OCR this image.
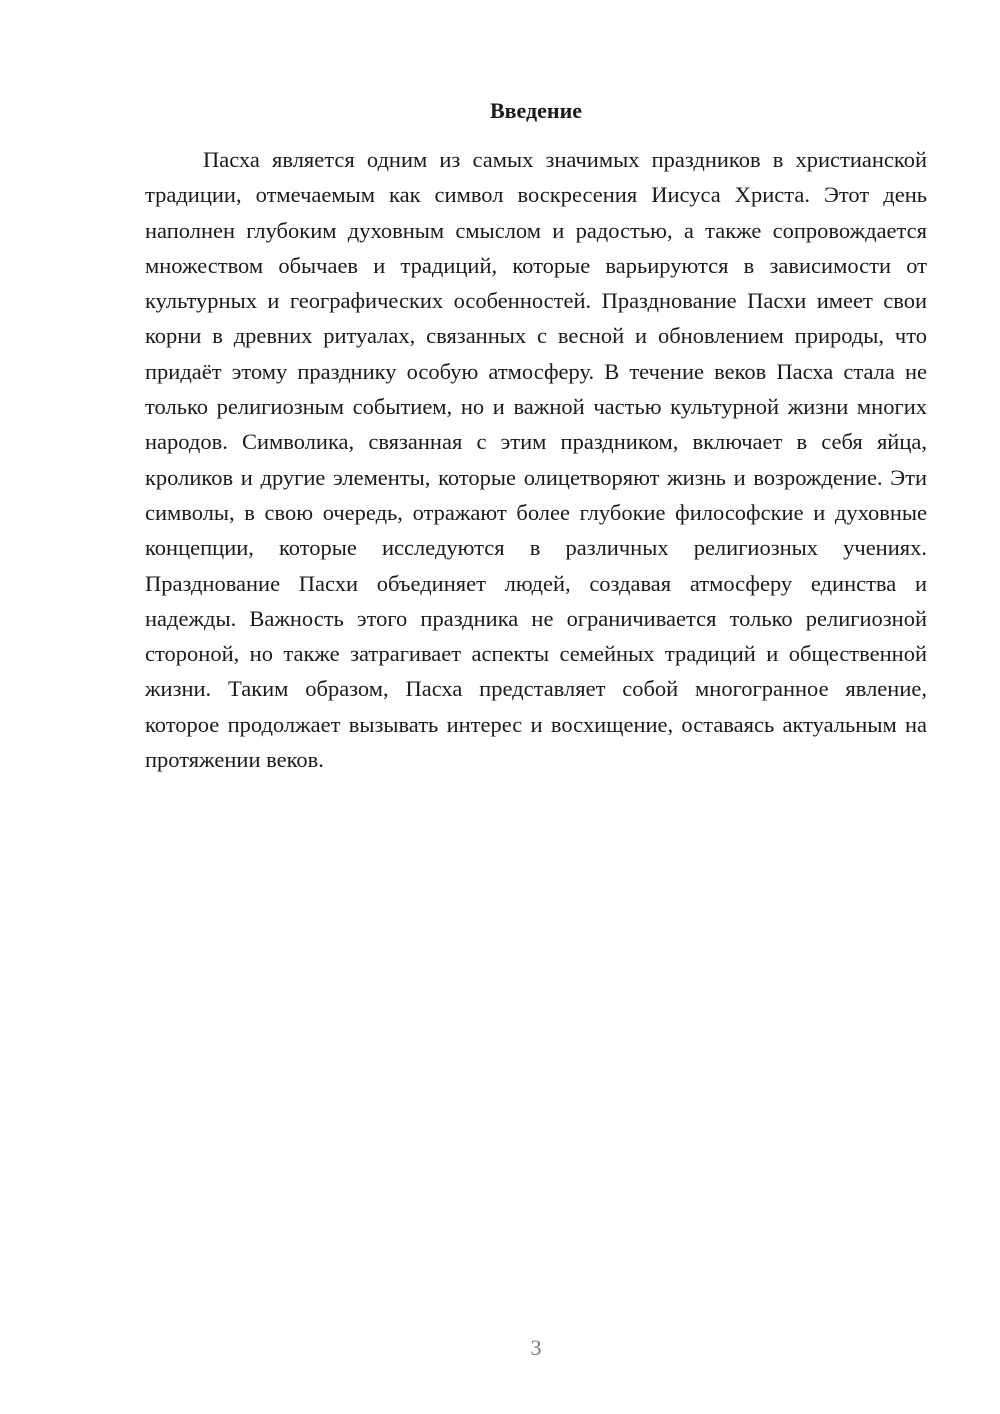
Введение

Пасха является одним из самых значимых праздников в христианской традиции, отмечаемым как символ воскресения Иисуса Христа. Этот день наполнен глубоким духовным смыслом и радостью, а также сопровождается множеством обычаев и традиций, которые варьируются в зависимости от культурных и географических особенностей. Празднование Пасхи имеет свои корни в древних ритуалах, связанных с весной и обновлением природы, что придаёт этому празднику особую атмосферу. В течение веков Пасха стала не только религиозным событием, но и важной частью культурной жизни многих народов. Символика, связанная с этим праздником, включает в себя яйца, кроликов и другие элементы, которые олицетворяют жизнь и возрождение. Эти символы, в свою очередь, отражают более глубокие философские и духовные концепции, которые исследуются в различных религиозных учениях. Празднование Пасхи объединяет людей, создавая атмосферу единства и надежды. Важность этого праздника не ограничивается только религиозной стороной, но также затрагивает аспекты семейных традиций и общественной жизни. Таким образом, Пасха представляет собой многогранное явление, которое продолжает вызывать интерес и восхищение, оставаясь актуальным на протяжении веков.

3
